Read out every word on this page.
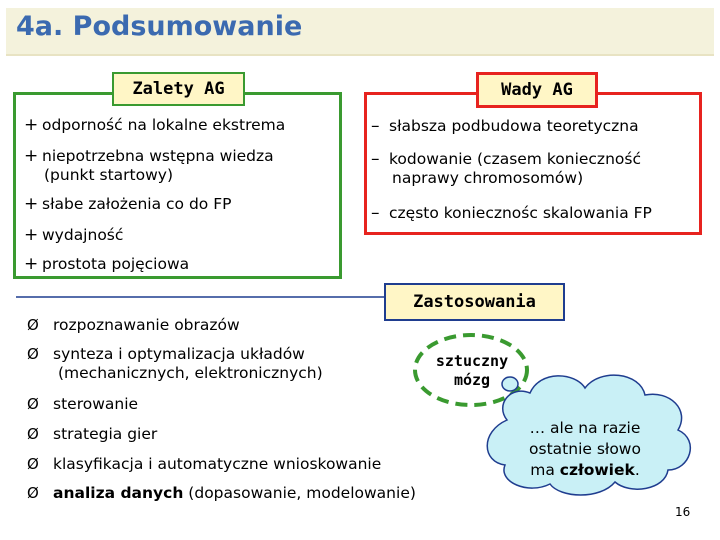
4a. Podsumowanie
Zalety AG
+ odporność na lokalne ekstrema
+ niepotrzebna wstępna wiedza
(punkt startowy)
+ słabe założenia co do FP
+ wydajność
+ prostota pojęciowa
Wady AG
– słabsza podbudowa teoretyczna
– kodowanie (czasem konieczność
naprawy chromosomów)
– często koniecznośc skalowania FP
Zastosowania
Ø rozpoznawanie obrazów
Ø synteza i optymalizacja układów
(mechanicznych, elektronicznych)
Ø sterowanie
Ø strategia gier
Ø klasyfikacja i automatyczne wnioskowanie
Ø analiza danych (dopasowanie, modelowanie)
sztuczny
mózg
… ale na razie
ostatnie słowo
ma człowiek.
16
